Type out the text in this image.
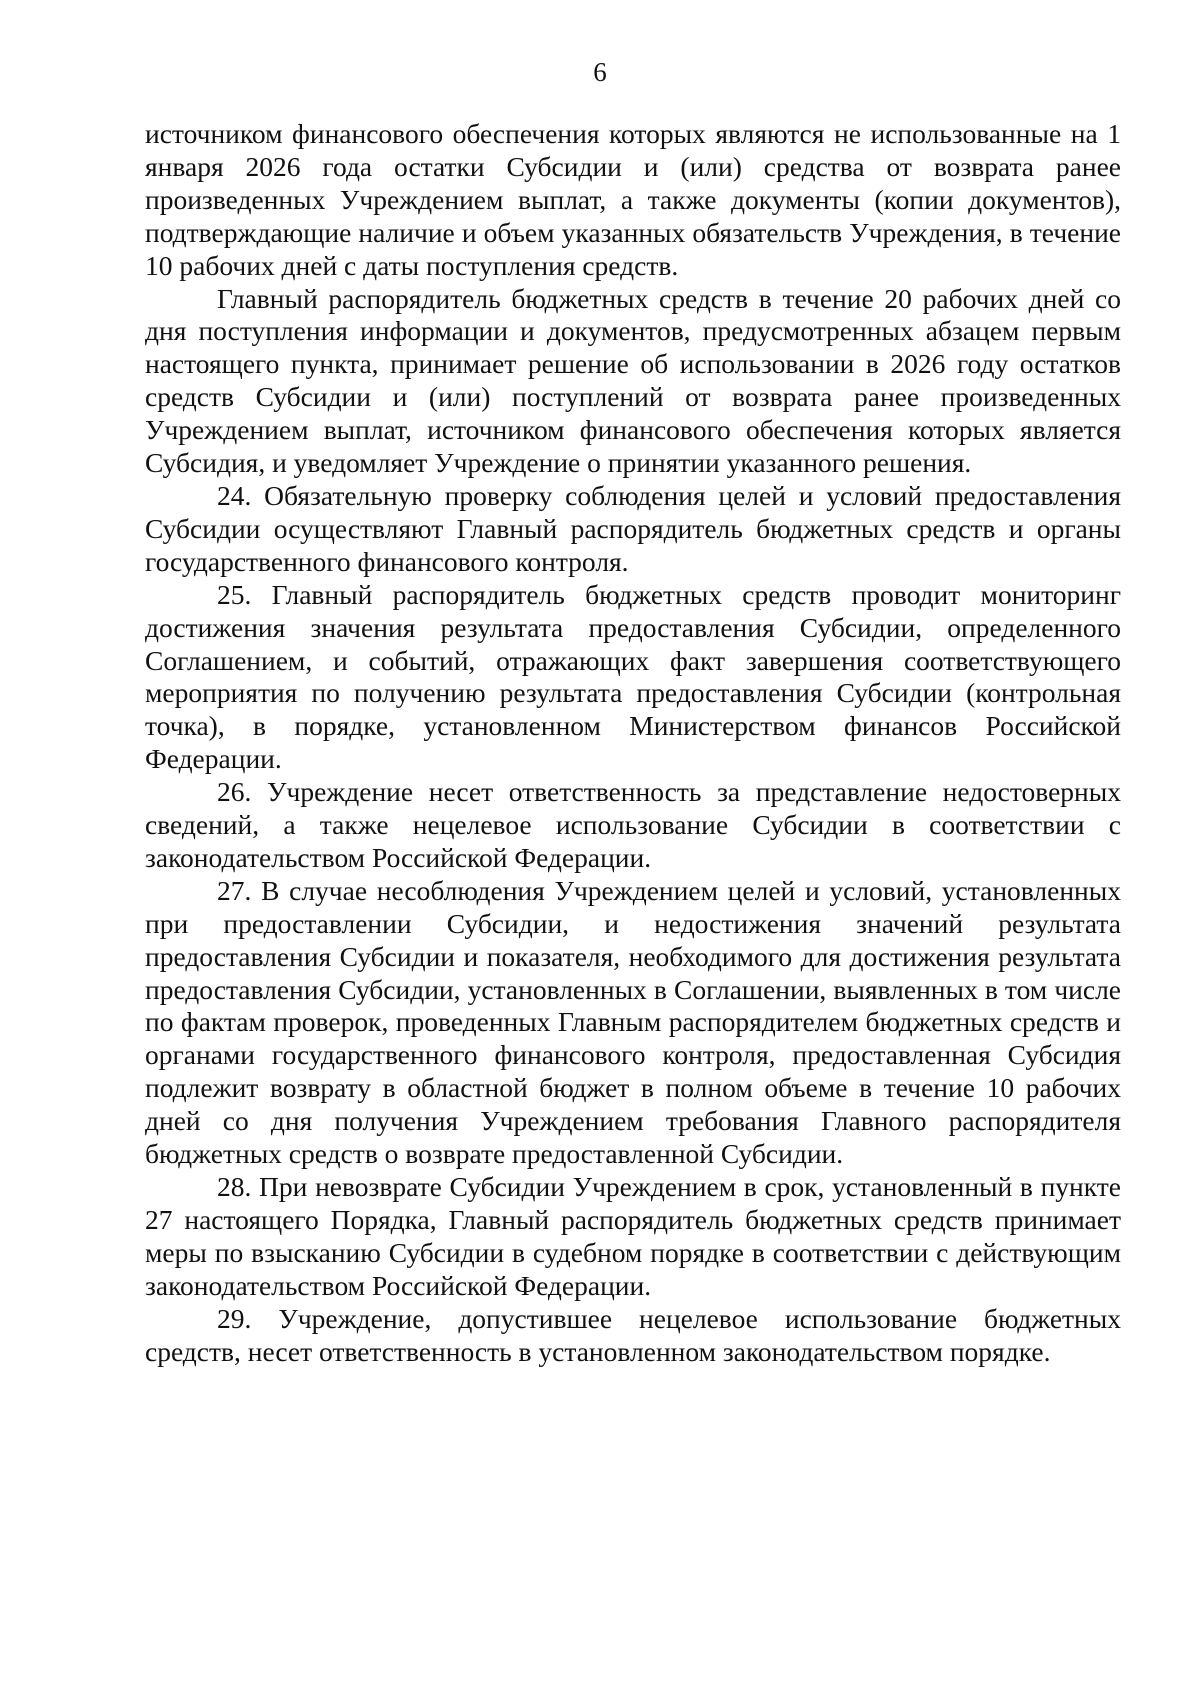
6

источником финансового обеспечения которых являются не использованные на 1 января 2026 года остатки Субсидии и (или) средства от возврата ранее произведенных Учреждением выплат, а также документы (копии документов), подтверждающие наличие и объем указанных обязательств Учреждения, в течение 10 рабочих дней с даты поступления средств.

Главный распорядитель бюджетных средств в течение 20 рабочих дней со дня поступления информации и документов, предусмотренных абзацем первым настоящего пункта, принимает решение об использовании в 2026 году остатков средств Субсидии и (или) поступлений от возврата ранее произведенных Учреждением выплат, источником финансового обеспечения которых является Субсидия, и уведомляет Учреждение о принятии указанного решения.

24. Обязательную проверку соблюдения целей и условий предоставления Субсидии осуществляют Главный распорядитель бюджетных средств и органы государственного финансового контроля.

25. Главный распорядитель бюджетных средств проводит мониторинг достижения значения результата предоставления Субсидии, определенного Соглашением, и событий, отражающих факт завершения соответствующего мероприятия по получению результата предоставления Субсидии (контрольная точка), в порядке, установленном Министерством финансов Российской Федерации.

26. Учреждение несет ответственность за представление недостоверных сведений, а также нецелевое использование Субсидии в соответствии с законодательством Российской Федерации.

27. В случае несоблюдения Учреждением целей и условий, установленных при предоставлении Субсидии, и недостижения значений результата предоставления Субсидии и показателя, необходимого для достижения результата предоставления Субсидии, установленных в Соглашении, выявленных в том числе по фактам проверок, проведенных Главным распорядителем бюджетных средств и органами государственного финансового контроля, предоставленная Субсидия подлежит возврату в областной бюджет в полном объеме в течение 10 рабочих дней со дня получения Учреждением требования Главного распорядителя бюджетных средств о возврате предоставленной Субсидии.

28. При невозврате Субсидии Учреждением в срок, установленный в пункте 27 настоящего Порядка, Главный распорядитель бюджетных средств принимает меры по взысканию Субсидии в судебном порядке в соответствии с действующим законодательством Российской Федерации.

29. Учреждение, допустившее нецелевое использование бюджетных средств, несет ответственность в установленном законодательством порядке.
